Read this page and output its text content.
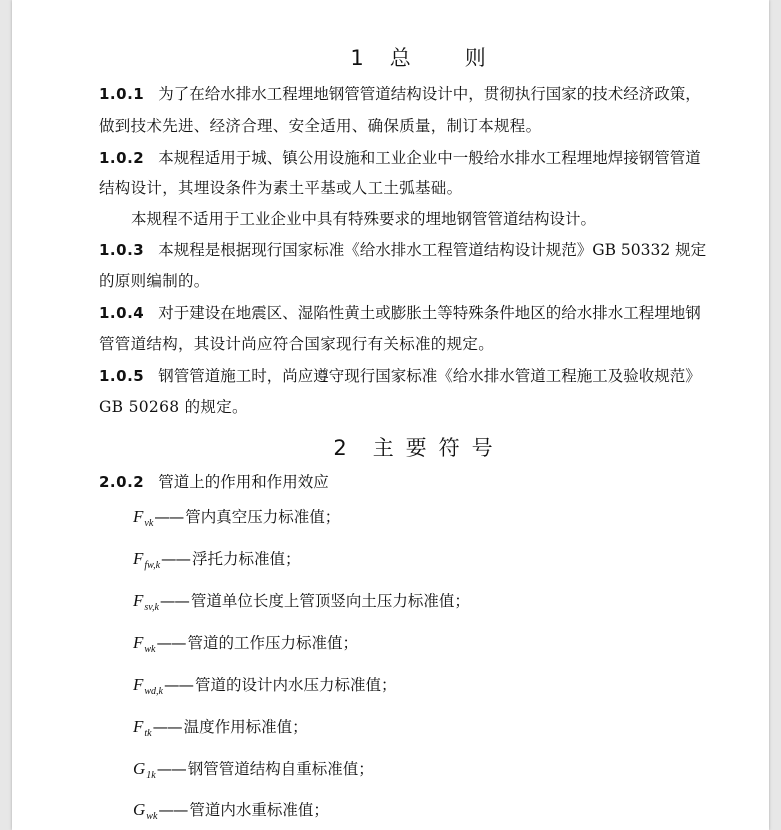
1 总 则
1.0.1 为了在给水排水工程埋地钢管管道结构设计中，贯彻执行国家的技术经济政策，
做到技术先进、经济合理、安全适用、确保质量，制订本规程。
1.0.2 本规程适用于城、镇公用设施和工业企业中一般给水排水工程埋地焊接钢管管道
结构设计，其埋设条件为素土平基或人工土弧基础。
本规程不适用于工业企业中具有特殊要求的埋地钢管管道结构设计。
1.0.3 本规程是根据现行国家标准《给水排水工程管道结构设计规范》GB 50332 规定
的原则编制的。
1.0.4 对于建设在地震区、湿陷性黄土或膨胀土等特殊条件地区的给水排水工程埋地钢
管管道结构，其设计尚应符合国家现行有关标准的规定。
1.0.5 钢管管道施工时，尚应遵守现行国家标准《给水排水管道工程施工及验收规范》
GB 50268 的规定。
2 主要符号
2.0.2 管道上的作用和作用效应
$F_{vk}——$ 管内真空压力标准值；
$F_{fw,k}——$ 浮托力标准值；
$F_{sv,k}——$ 管道单位长度上管顶竖向土压力标准值；
$F_{wk}——$ 管道的工作压力标准值；
$F_{wd,k}——$ 管道的设计内水压力标准值；
$F_{tk}——$ 温度作用标准值；
$G_{1k}——$ 钢管管道结构自重标准值；
$G_{wk}——$ 管道内水重标准值；
